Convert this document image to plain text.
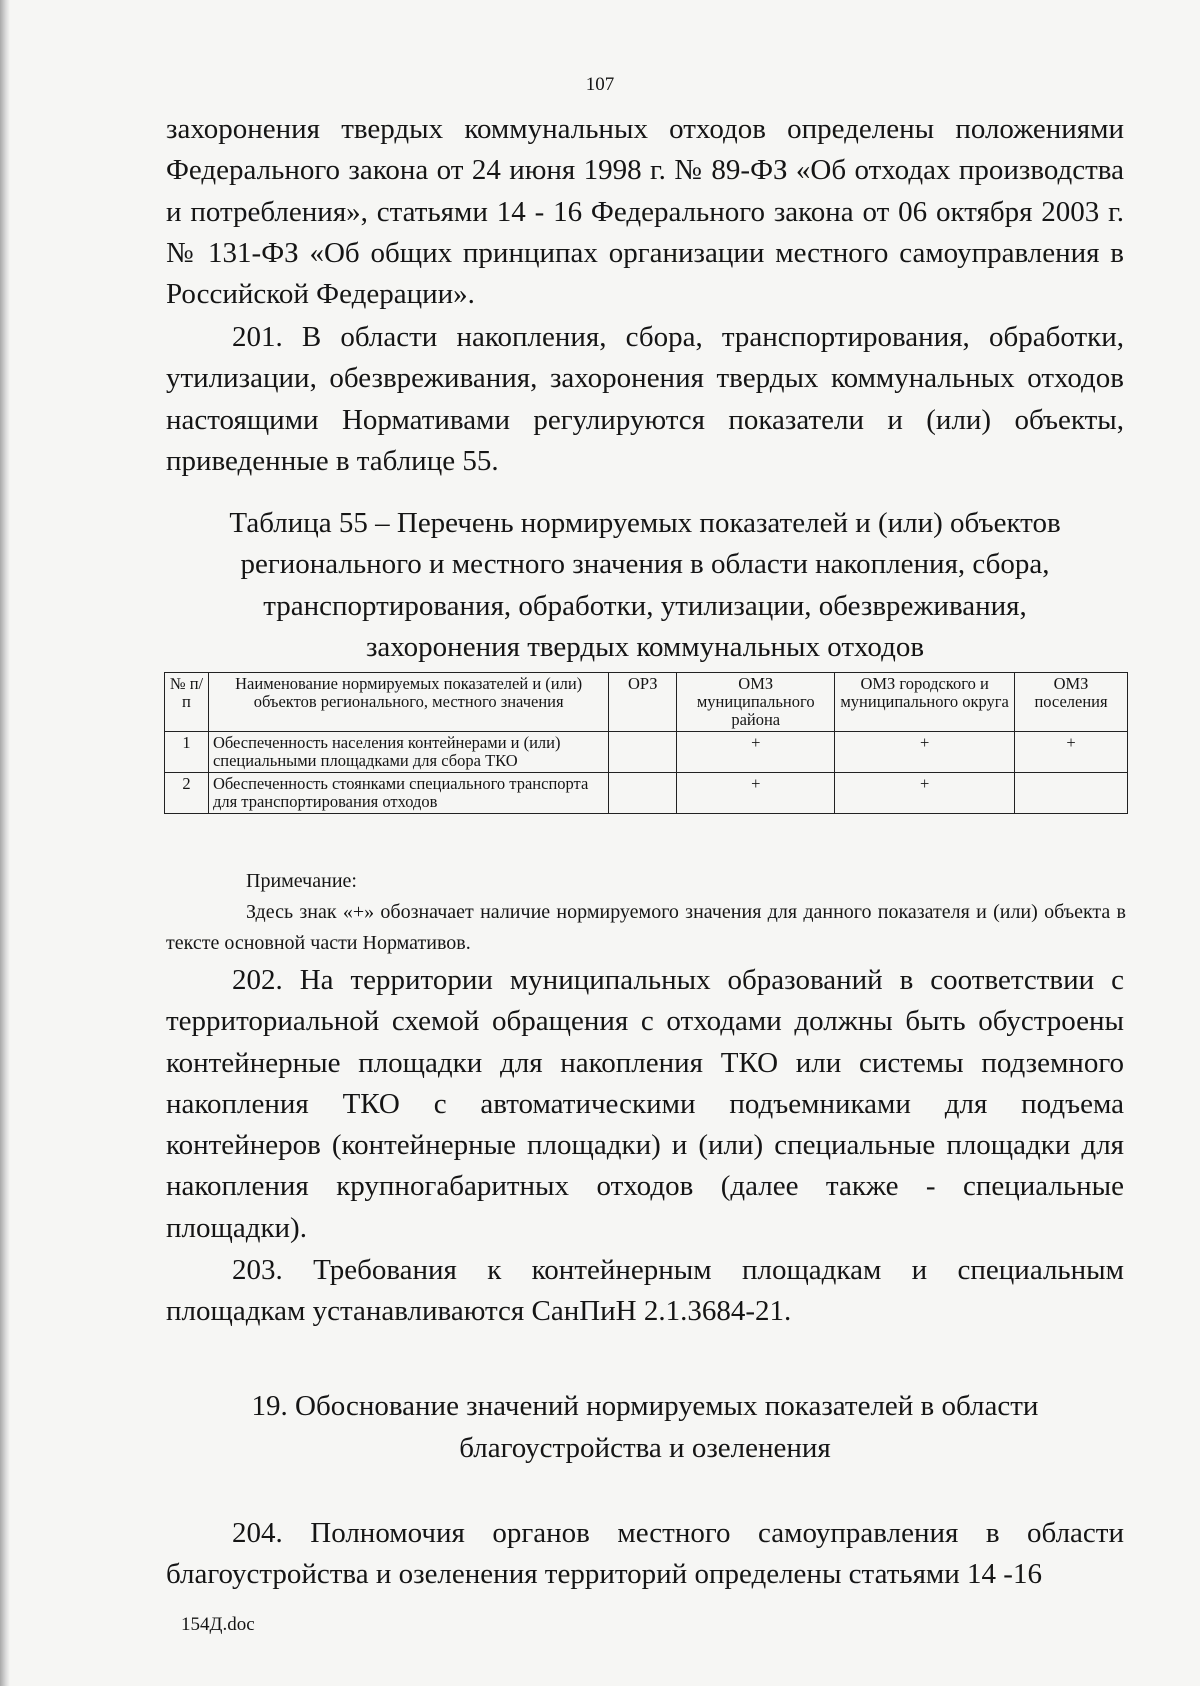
107

захоронения твердых коммунальных отходов определены положениями Федерального закона от 24 июня 1998 г. № 89-ФЗ «Об отходах производства и потребления», статьями 14 - 16 Федерального закона от 06 октября 2003 г. № 131-ФЗ «Об общих принципах организации местного самоуправления в Российской Федерации».

201. В области накопления, сбора, транспортирования, обработки, утилизации, обезвреживания, захоронения твердых коммунальных отходов настоящими Нормативами регулируются показатели и (или) объекты, приведенные в таблице 55.

Таблица 55 – Перечень нормируемых показателей и (или) объектов
регионального и местного значения в области накопления, сбора,
транспортирования, обработки, утилизации, обезвреживания,
захоронения твердых коммунальных отходов
№ п/п	Наименование нормируемых показателей и (или) объектов регионального, местного значения	ОРЗ	ОМЗ муниципального района	ОМЗ городского и муниципального округа	ОМЗ поселения
1	Обеспеченность населения контейнерами и (или) специальными площадками для сбора ТКО		+	+	+
2	Обеспеченность стоянками специального транспорта для транспортирования отходов		+	+	
Примечание:

Здесь знак «+» обозначает наличие нормируемого значения для данного показателя и (или) объекта в тексте основной части Нормативов.

202. На территории муниципальных образований в соответствии с территориальной схемой обращения с отходами должны быть обустроены контейнерные площадки для накопления ТКО или системы подземного накопления ТКО с автоматическими подъемниками для подъема контейнеров (контейнерные площадки) и (или) специальные площадки для накопления крупногабаритных отходов (далее также - специальные площадки).

203. Требования к контейнерным площадкам и специальным площадкам устанавливаются СанПиН 2.1.3684-21.

19. Обоснование значений нормируемых показателей в области
благоустройства и озеленения

204. Полномочия органов местного самоуправления в области благоустройства и озеленения территорий определены статьями 14 -16

154Д.doc
